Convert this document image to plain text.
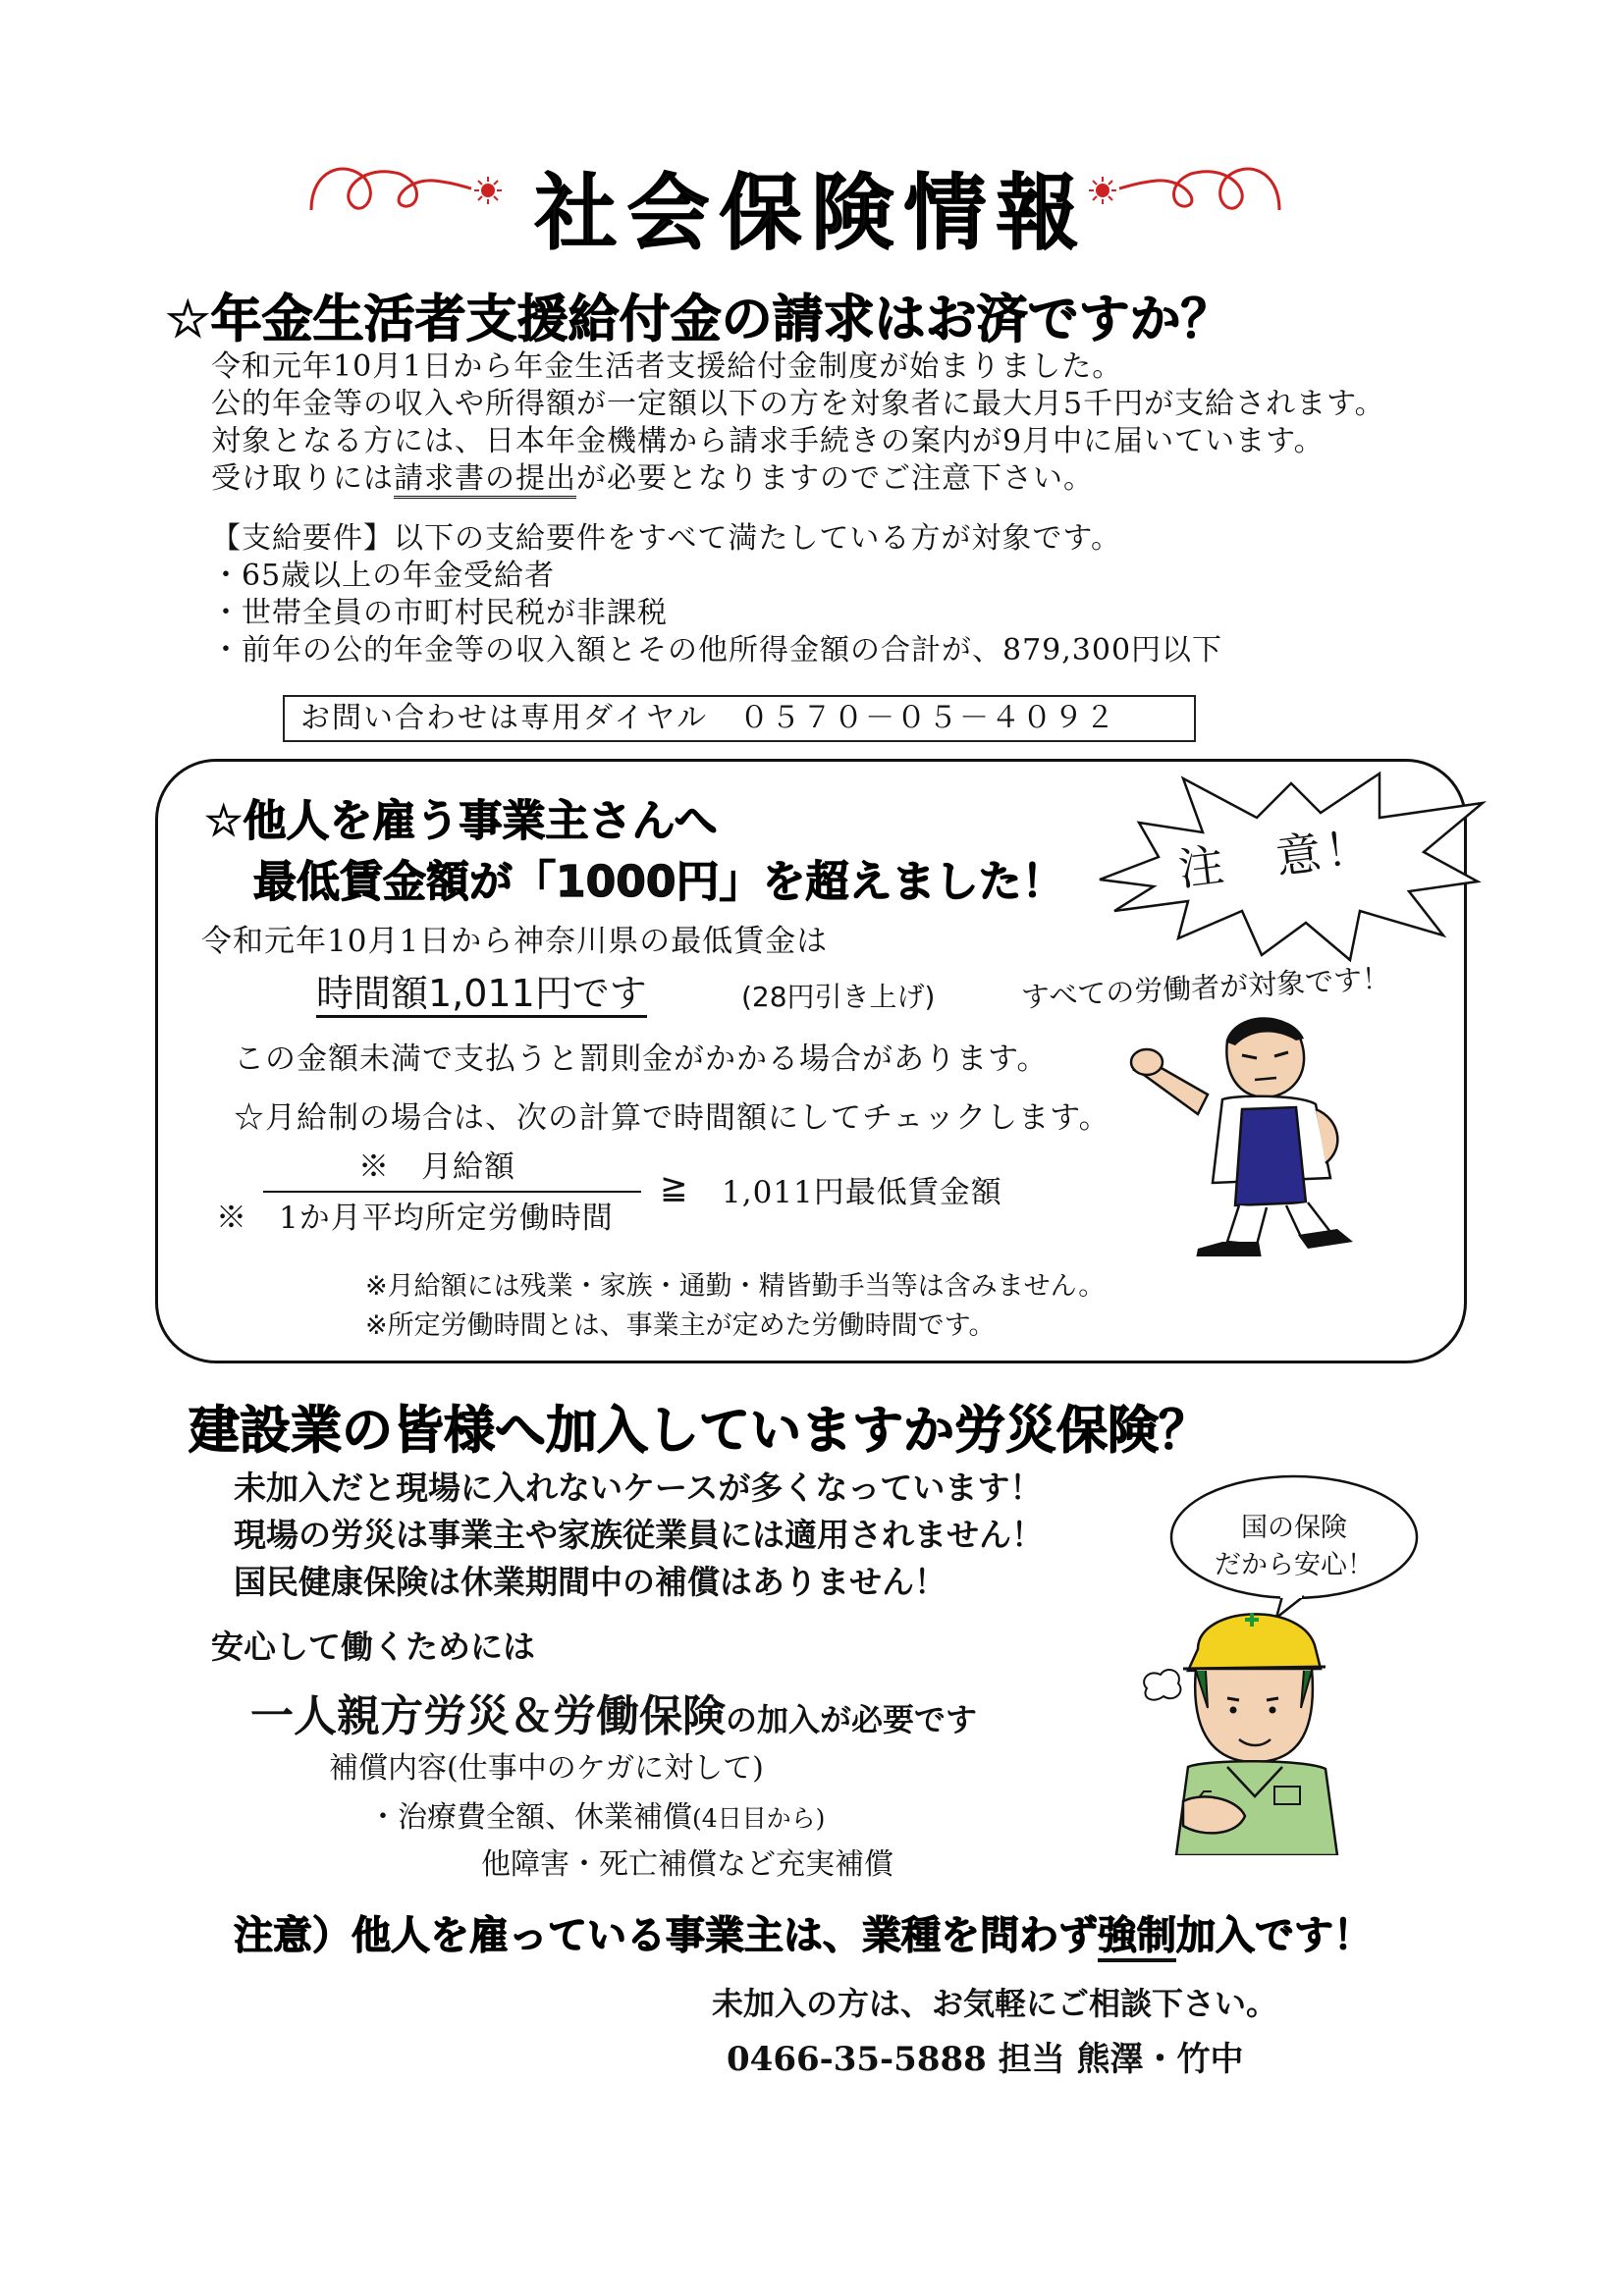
社会保険情報
☆年金生活者支援給付金の請求はお済ですか？
令和元年10月1日から年金生活者支援給付金制度が始まりました。
公的年金等の収入や所得額が一定額以下の方を対象者に最大月5千円が支給されます。
対象となる方には、日本年金機構から請求手続きの案内が9月中に届いています。
受け取りには請求書の提出が必要となりますのでご注意下さい。
【支給要件】以下の支給要件をすべて満たしている方が対象です。
・65歳以上の年金受給者
・世帯全員の市町村民税が非課税
・前年の公的年金等の収入額とその他所得金額の合計が、879,300円以下
お問い合わせは専用ダイヤル　０５７０－０５－４０９２
注　意！
☆他人を雇う事業主さんへ
最低賃金額が「1000円」を超えました！
令和元年10月1日から神奈川県の最低賃金は
時間額1,011円です	(28円引き上げ)	すべての労働者が対象です！
この金額未満で支払うと罰則金がかかる場合があります。
☆月給制の場合は、次の計算で時間額にしてチェックします。
※　月給額
※　1か月平均所定労働時間
≧ 1,011円最低賃金額
※月給額には残業・家族・通勤・精皆勤手当等は含みません。
※所定労働時間とは、事業主が定めた労働時間です。
建設業の皆様へ加入していますか労災保険？
未加入だと現場に入れないケースが多くなっています！
現場の労災は事業主や家族従業員には適用されません！
国民健康保険は休業期間中の補償はありません！
安心して働くためには
一人親方労災＆労働保険の加入が必要です
補償内容(仕事中のケガに対して)
・治療費全額、休業補償(4日目から)
他障害・死亡補償など充実補償
国の保険
だから安心！
注意）他人を雇っている事業主は、業種を問わず強制加入です！
未加入の方は、お気軽にご相談下さい。
0466-35-5888 担当 熊澤・竹中
